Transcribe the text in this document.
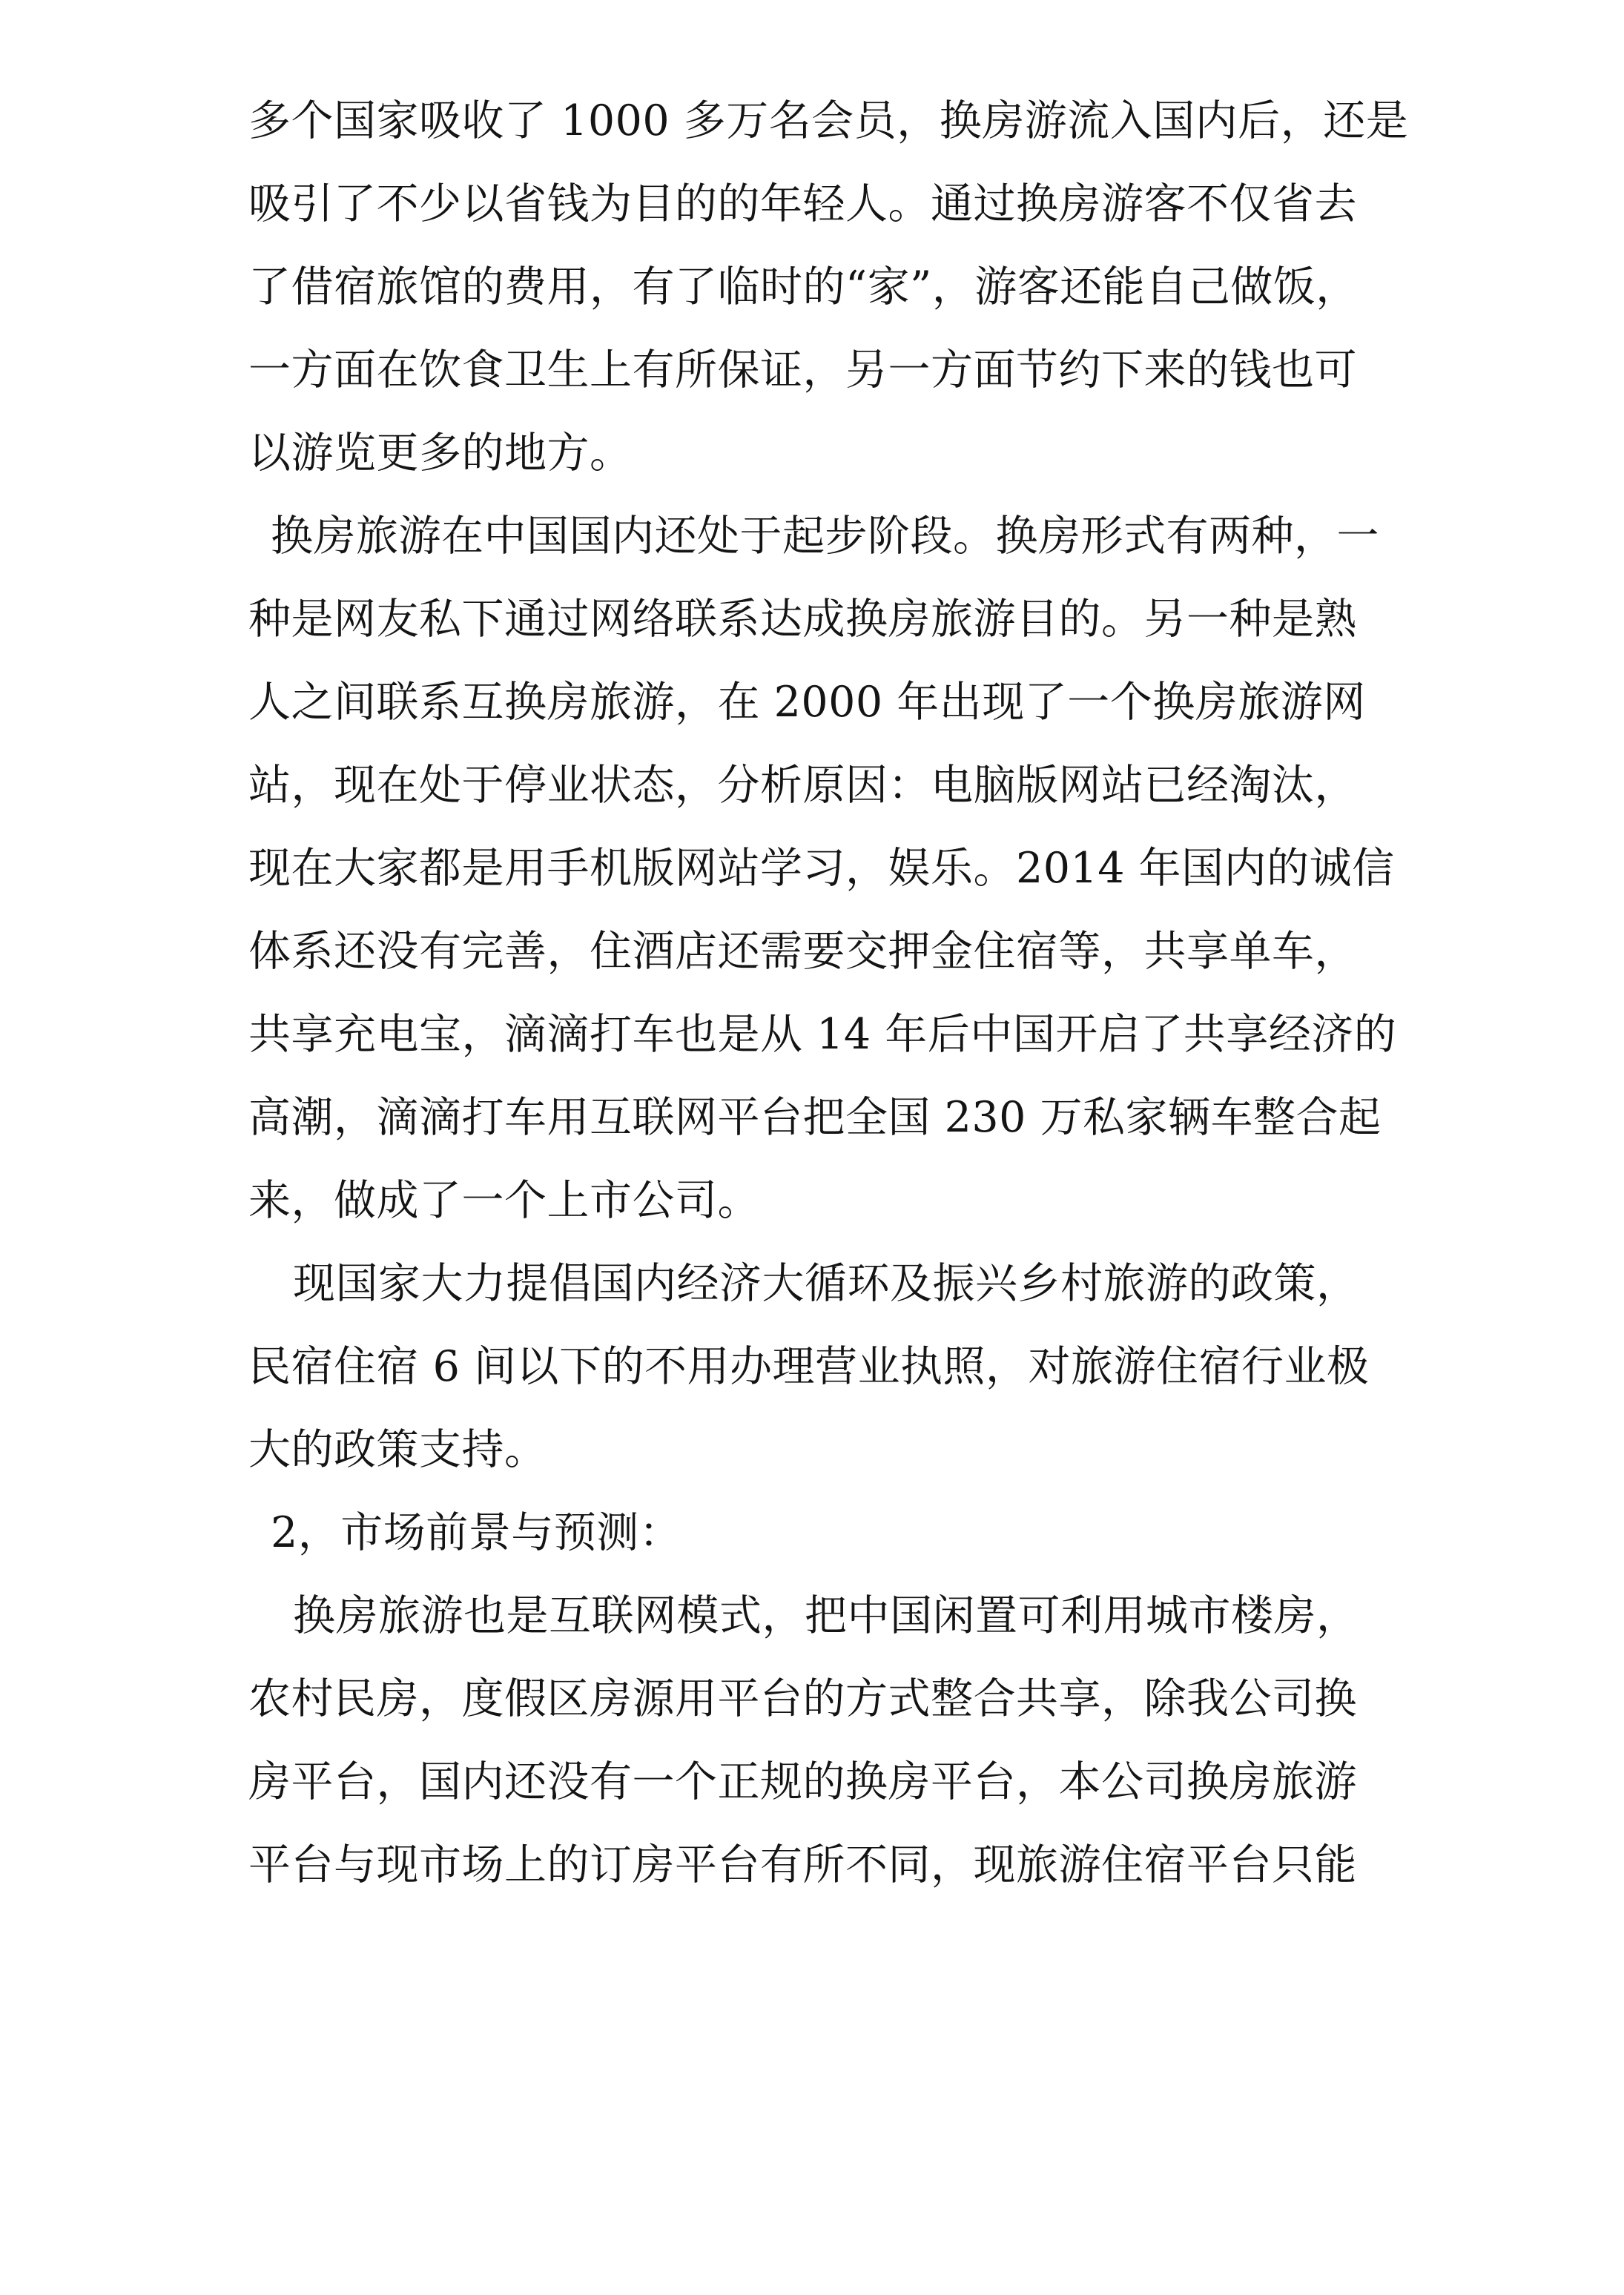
多个国家吸收了 1000 多万名会员，换房游流入国内后，还是
吸引了不少以省钱为目的的年轻人。通过换房游客不仅省去
了借宿旅馆的费用，有了临时的“家”，游客还能自己做饭，
一方面在饮食卫生上有所保证，另一方面节约下来的钱也可
以游览更多的地方。
换房旅游在中国国内还处于起步阶段。换房形式有两种，一
种是网友私下通过网络联系达成换房旅游目的。另一种是熟
人之间联系互换房旅游，在 2000 年出现了一个换房旅游网
站，现在处于停业状态，分析原因：电脑版网站已经淘汰，
现在大家都是用手机版网站学习，娱乐。2014 年国内的诚信
体系还没有完善，住酒店还需要交押金住宿等，共享单车，
共享充电宝，滴滴打车也是从 14 年后中国开启了共享经济的
高潮，滴滴打车用互联网平台把全国 230 万私家辆车整合起
来，做成了一个上市公司。
现国家大力提倡国内经济大循环及振兴乡村旅游的政策，
民宿住宿 6 间以下的不用办理营业执照，对旅游住宿行业极
大的政策支持。
2，市场前景与预测：
换房旅游也是互联网模式，把中国闲置可利用城市楼房，
农村民房，度假区房源用平台的方式整合共享，除我公司换
房平台，国内还没有一个正规的换房平台，本公司换房旅游
平台与现市场上的订房平台有所不同，现旅游住宿平台只能
